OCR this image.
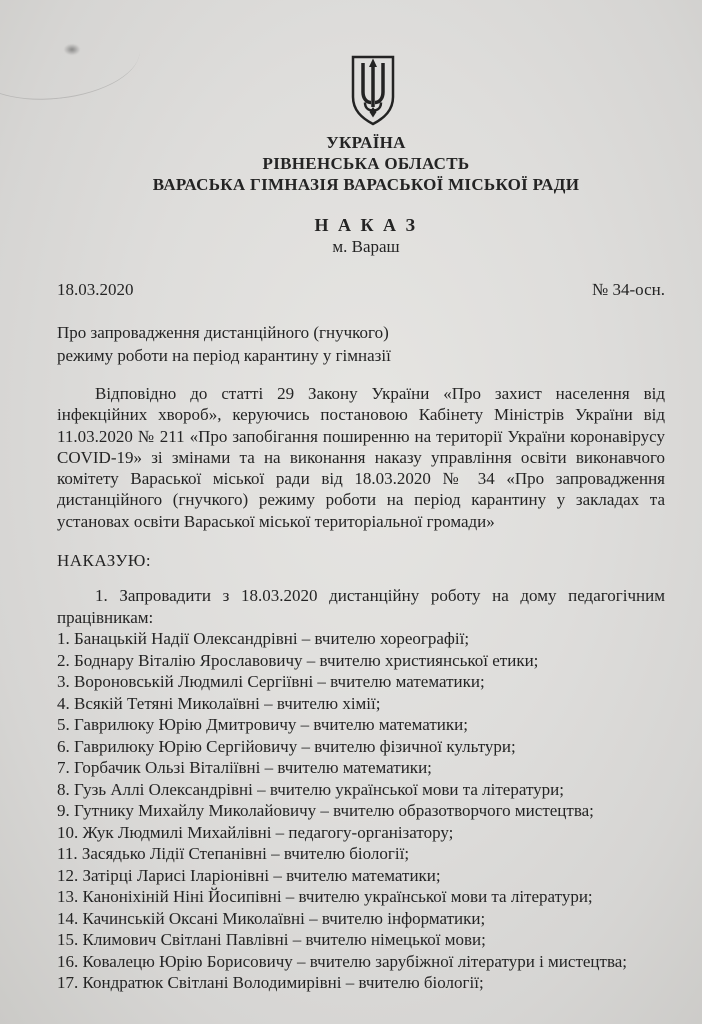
УКРАЇНА
РІВНЕНСЬКА ОБЛАСТЬ
ВАРАСЬКА ГІМНАЗІЯ ВАРАСЬКОЇ МІСЬКОЇ РАДИ
Н А К А З
м. Вараш
18.03.2020	№ 34-осн.
Про запровадження дистанційного (гнучкого)
режиму роботи на період карантину у гімназії

Відповідно до статті 29 Закону України «Про захист населення від інфекційних хвороб», керуючись постановою Кабінету Міністрів України від 11.03.2020 № 211 «Про запобігання поширенню на території України коронавірусу COVID-19» зі змінами та на виконання наказу управління освіти виконавчого комітету Вараської міської ради від 18.03.2020 № 34 «Про запровадження дистанційного (гнучкого) режиму роботи на період карантину у закладах та установах освіти Вараської міської територіальної громади»

НАКАЗУЮ:

1. Запровадити з 18.03.2020 дистанційну роботу на дому педагогічним працівникам:

1. Банацькій Надії Олександрівні – вчителю хореографії;
2. Боднару Віталію Ярославовичу – вчителю християнської етики;
3. Вороновській Людмилі Сергіївні – вчителю математики;
4. Всякій Тетяні Миколаївні – вчителю хімії;
5. Гаврилюку Юрію Дмитровичу – вчителю математики;
6. Гаврилюку Юрію Сергійовичу – вчителю фізичної культури;
7. Горбачик Ользі Віталіївні – вчителю математики;
8. Гузь Аллі Олександрівні – вчителю української мови та літератури;
9. Гутнику Михайлу Миколайовичу – вчителю образотворчого мистецтва;
10. Жук Людмилі Михайлівні – педагогу-організатору;
11. Засядько Лідії Степанівні – вчителю біології;
12. Затірці Ларисі Іларіонівні – вчителю математики;
13. Каноніхіній Ніні Йосипівні – вчителю української мови та літератури;
14. Качинській Оксані Миколаївні – вчителю інформатики;
15. Климович Світлані Павлівні – вчителю німецької мови;
16. Ковалецю Юрію Борисовичу – вчителю зарубіжної літератури і мистецтва;
17. Кондратюк Світлані Володимирівні – вчителю біології;
